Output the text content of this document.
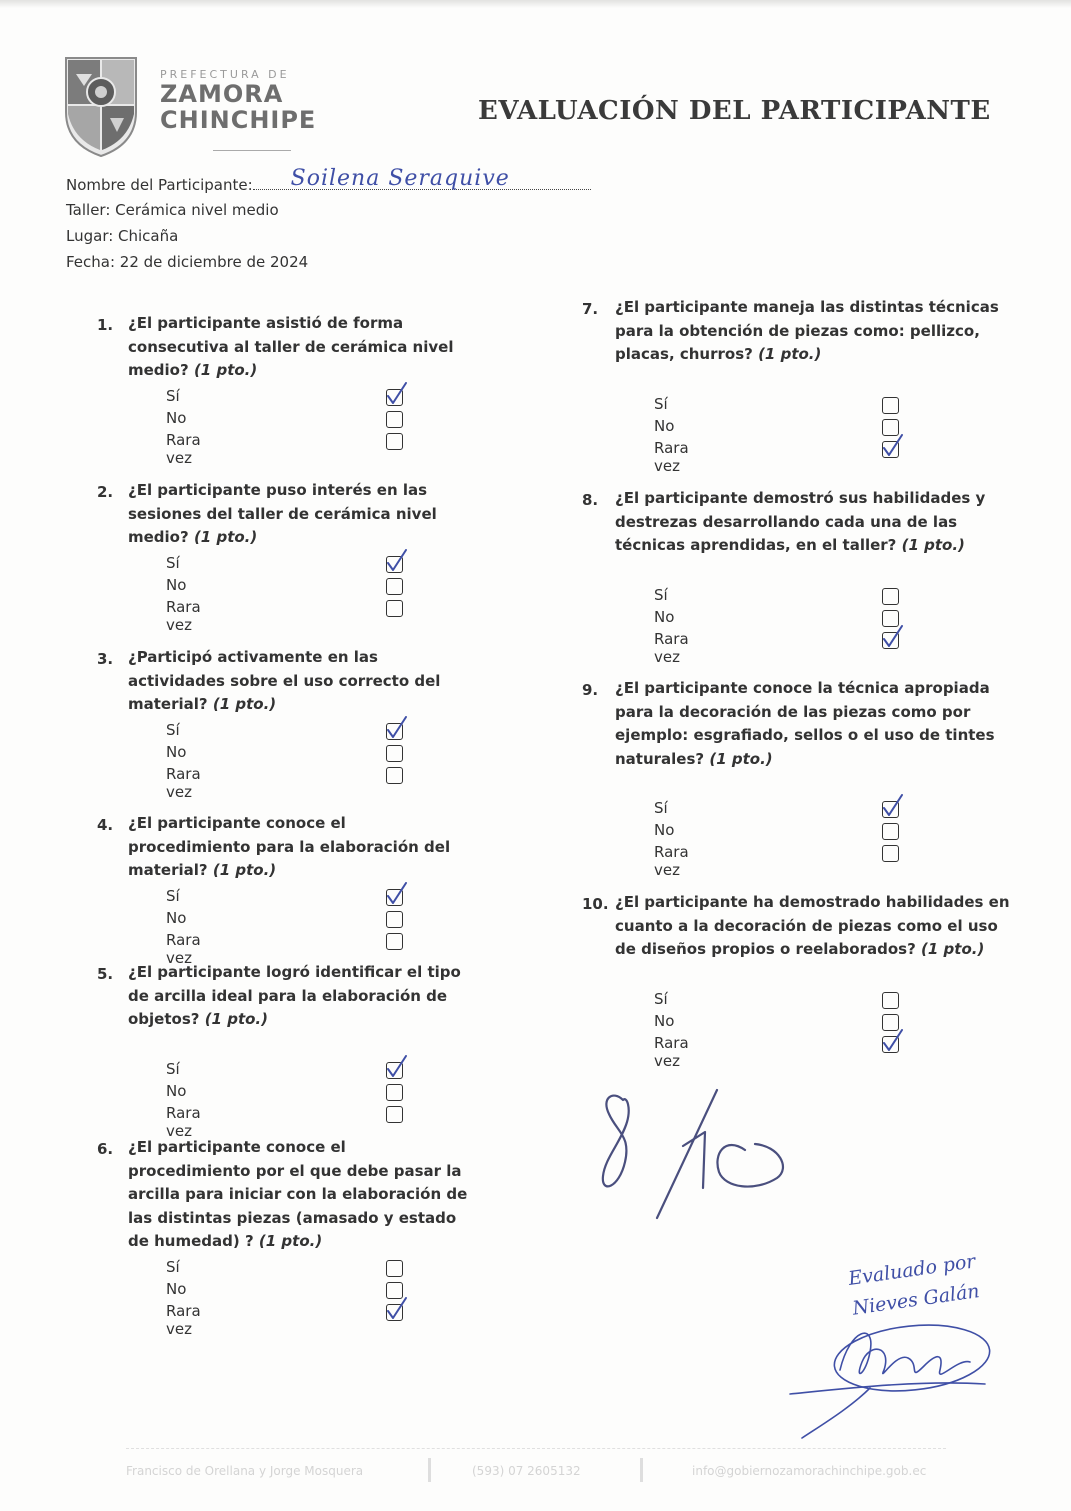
PREFECTURA DE
ZAMORA
CHINCHIPE	EVALUACIÓN DEL PARTICIPANTE
Nombre del Participante: Soilena Seraquive
Taller: Cerámica nivel medio
Lugar: Chicaña
Fecha: 22 de diciembre de 2024
1. ¿El participante asistió de forma consecutiva al taller de cerámica nivel medio? (1 pto.)
Sí
No
Rara vez
2. ¿El participante puso interés en las sesiones del taller de cerámica nivel medio? (1 pto.)
Sí
No
Rara vez
3. ¿Participó activamente en las actividades sobre el uso correcto del material? (1 pto.)
Sí
No
Rara vez
4. ¿El participante conoce el procedimiento para la elaboración del material? (1 pto.)
Sí
No
Rara vez
5. ¿El participante logró identificar el tipo de arcilla ideal para la elaboración de objetos? (1 pto.)
Sí
No
Rara vez
6. ¿El participante conoce el procedimiento por el que debe pasar la arcilla para iniciar con la elaboración de las distintas piezas (amasado y estado de humedad) ? (1 pto.)
Sí
No
Rara vez
7. ¿El participante maneja las distintas técnicas para la obtención de piezas como: pellizco, placas, churros? (1 pto.)
Sí
No
Rara vez
8. ¿El participante demostró sus habilidades y destrezas desarrollando cada una de las técnicas aprendidas, en el taller? (1 pto.)
Sí
No
Rara vez
9. ¿El participante conoce la técnica apropiada para la decoración de las piezas como por ejemplo: esgrafiado, sellos o el uso de tintes naturales? (1 pto.)
Sí
No
Rara vez
10. ¿El participante ha demostrado habilidades en cuanto a la decoración de piezas como el uso de diseños propios o reelaborados? (1 pto.)
Sí
No
Rara vez
Evaluado por
Nieves Galán
Francisco de Orellana y Jorge Mosquera	(593) 07 2605132	info@gobiernozamorachinchipe.gob.ec
